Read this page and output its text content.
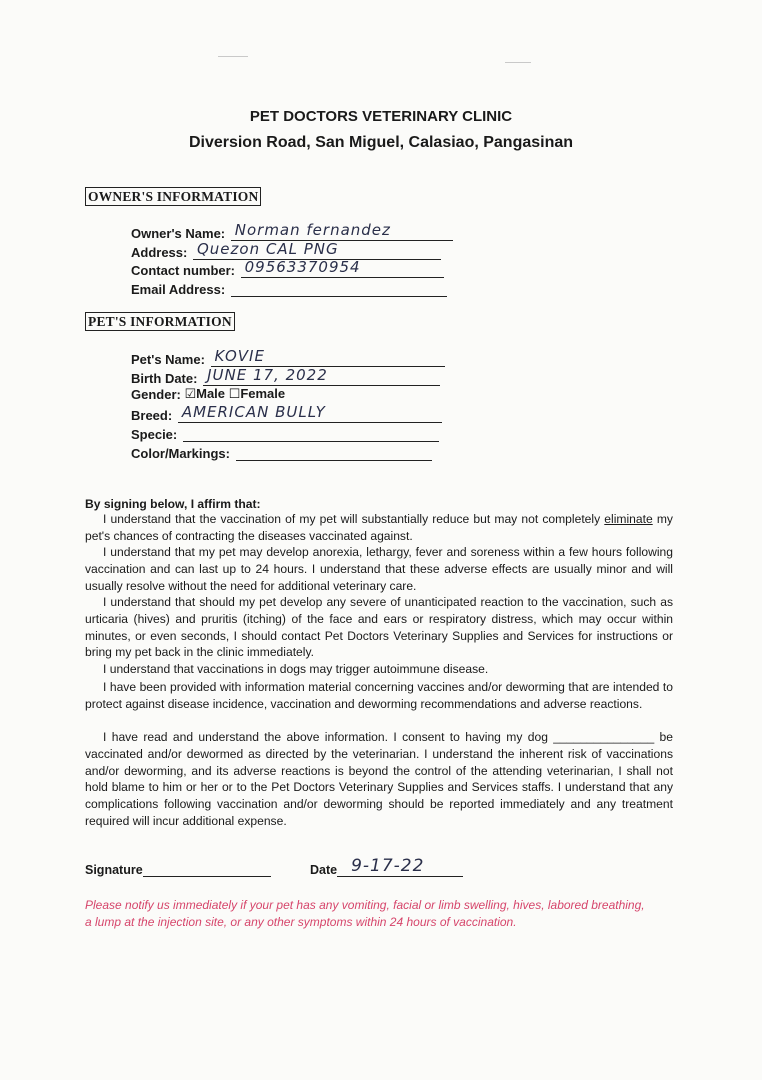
PET DOCTORS VETERINARY CLINIC
Diversion Road, San Miguel, Calasiao, Pangasinan
OWNER'S INFORMATION
Owner's Name: Norman fernandez
Address: Quezon CAL PNG
Contact number: 09563370954
Email Address:
PET'S INFORMATION
Pet's Name: KOVIE
Birth Date: JUNE 17, 2022
Gender: ☑Male ☐Female
Breed: AMERICAN BULLY
Specie:
Color/Markings:
By signing below, I affirm that:
I understand that the vaccination of my pet will substantially reduce but may not completely eliminate my pet's chances of contracting the diseases vaccinated against.
I understand that my pet may develop anorexia, lethargy, fever and soreness within a few hours following vaccination and can last up to 24 hours. I understand that these adverse effects are usually minor and will usually resolve without the need for additional veterinary care.
I understand that should my pet develop any severe of unanticipated reaction to the vaccination, such as urticaria (hives) and pruritis (itching) of the face and ears or respiratory distress, which may occur within minutes, or even seconds, I should contact Pet Doctors Veterinary Supplies and Services for instructions or bring my pet back in the clinic immediately.
I understand that vaccinations in dogs may trigger autoimmune disease.
I have been provided with information material concerning vaccines and/or deworming that are intended to protect against disease incidence, vaccination and deworming recommendations and adverse reactions.
I have read and understand the above information. I consent to having my dog _______________ be vaccinated and/or dewormed as directed by the veterinarian. I understand the inherent risk of vaccinations and/or deworming, and its adverse reactions is beyond the control of the attending veterinarian, I shall not hold blame to him or her or to the Pet Doctors Veterinary Supplies and Services staffs. I understand that any complications following vaccination and/or deworming should be reported immediately and any treatment required will incur additional expense.
Signature	Date 9-17-22
Please notify us immediately if your pet has any vomiting, facial or limb swelling, hives, labored breathing, a lump at the injection site, or any other symptoms within 24 hours of vaccination.
